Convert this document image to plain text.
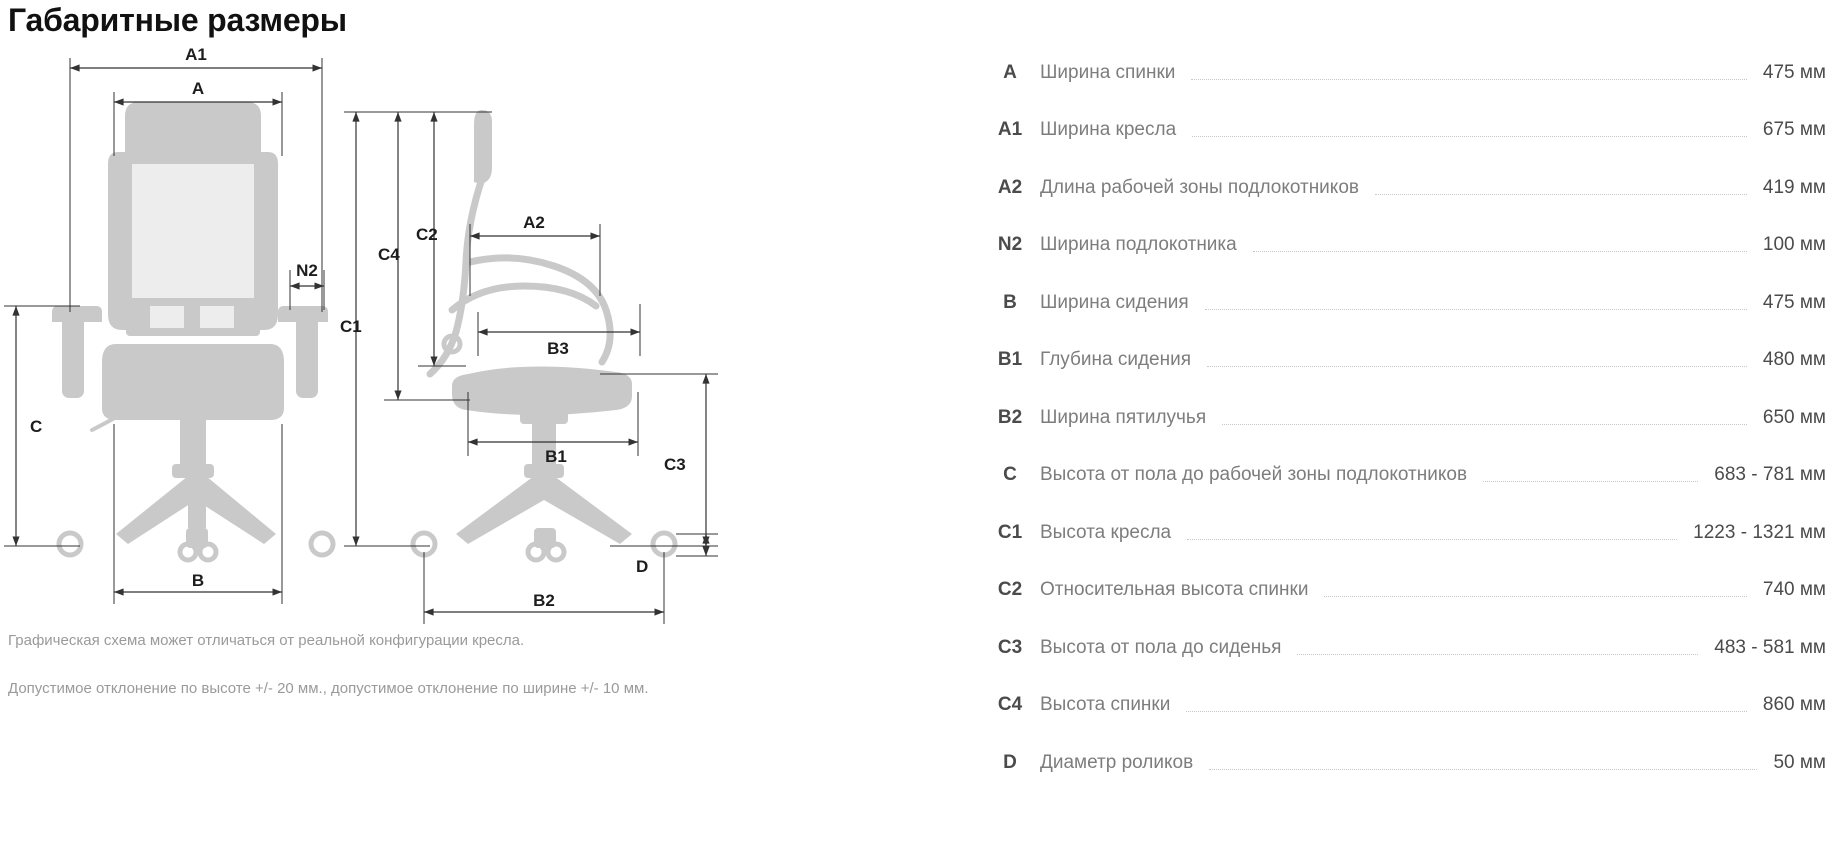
Габаритные размеры
A1
A
N2
C
B
C1
C4
C2
A2
B3
B1	C3
D
B2
Графическая схема может отличаться от реальной конфигурации кресла.
Допустимое отклонение по высоте +/- 20 мм., допустимое отклонение по ширине +/- 10 мм.
A	Ширина спинки	475 мм
A1 Ширина кресла	675 мм
A2 Длина рабочей зоны подлокотников	419 мм
N2 Ширина подлокотника	100 мм
B	Ширина сидения	475 мм
B1 Глубина сидения	480 мм
B2 Ширина пятилучья	650 мм
C	Высота от пола до рабочей зоны подлокотников	683 - 781 мм
C1 Высота кресла	1223 - 1321 мм
C2 Относительная высота спинки	740 мм
C3 Высота от пола до сиденья	483 - 581 мм
C4 Высота спинки	860 мм
D	Диаметр роликов	50 мм
